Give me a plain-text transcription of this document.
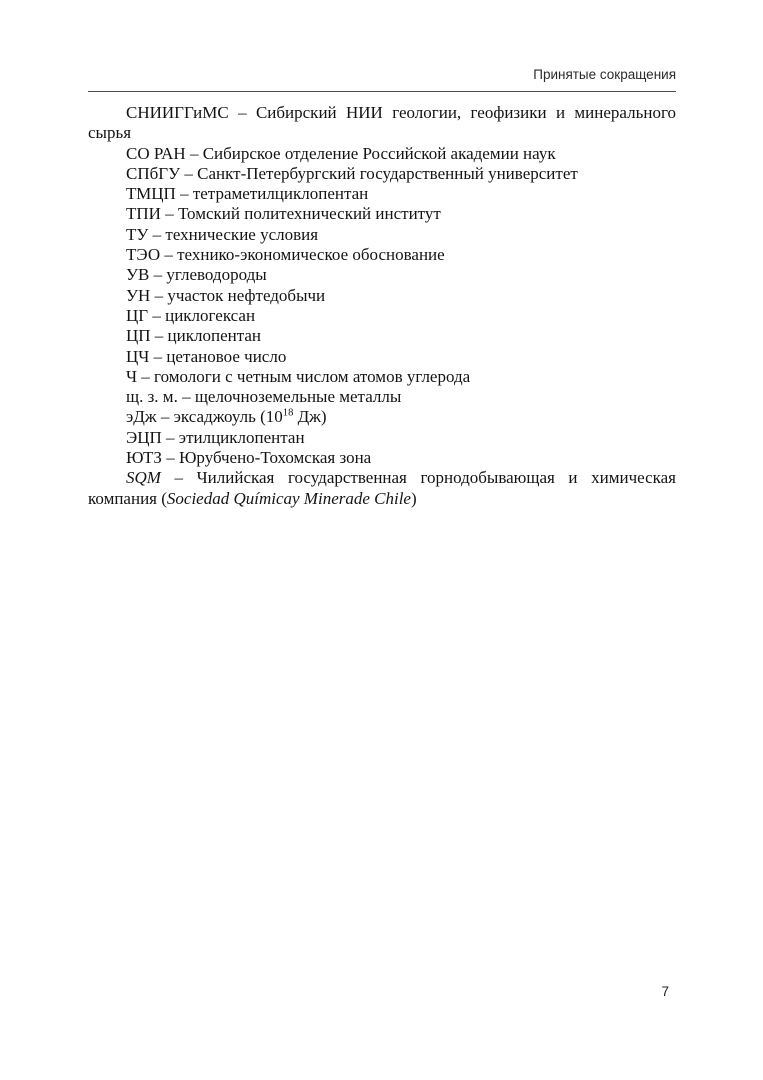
Принятые сокращения

СНИИГГиМС – Сибирский НИИ геологии, геофизики и минерального сырья

СО РАН – Сибирское отделение Российской академии наук

СПбГУ – Санкт-Петербургский государственный университет

ТМЦП – тетраметилциклопентан

ТПИ – Томский политехнический институт

ТУ – технические условия

ТЭО – технико-экономическое обоснование

УВ – углеводороды

УН – участок нефтедобычи

ЦГ – циклогексан

ЦП – циклопентан

ЦЧ – цетановое число

Ч – гомологи с четным числом атомов углерода

щ. з. м. – щелочноземельные металлы

эДж – эксаджоуль ($10^{18}$ Дж)

ЭЦП – этилциклопентан

ЮТЗ – Юрубчено-Тохомская зона

SQM – Чилийская государственная горнодобывающая и химическая компания (Sociedad Químicay Minerade Chile)

7
